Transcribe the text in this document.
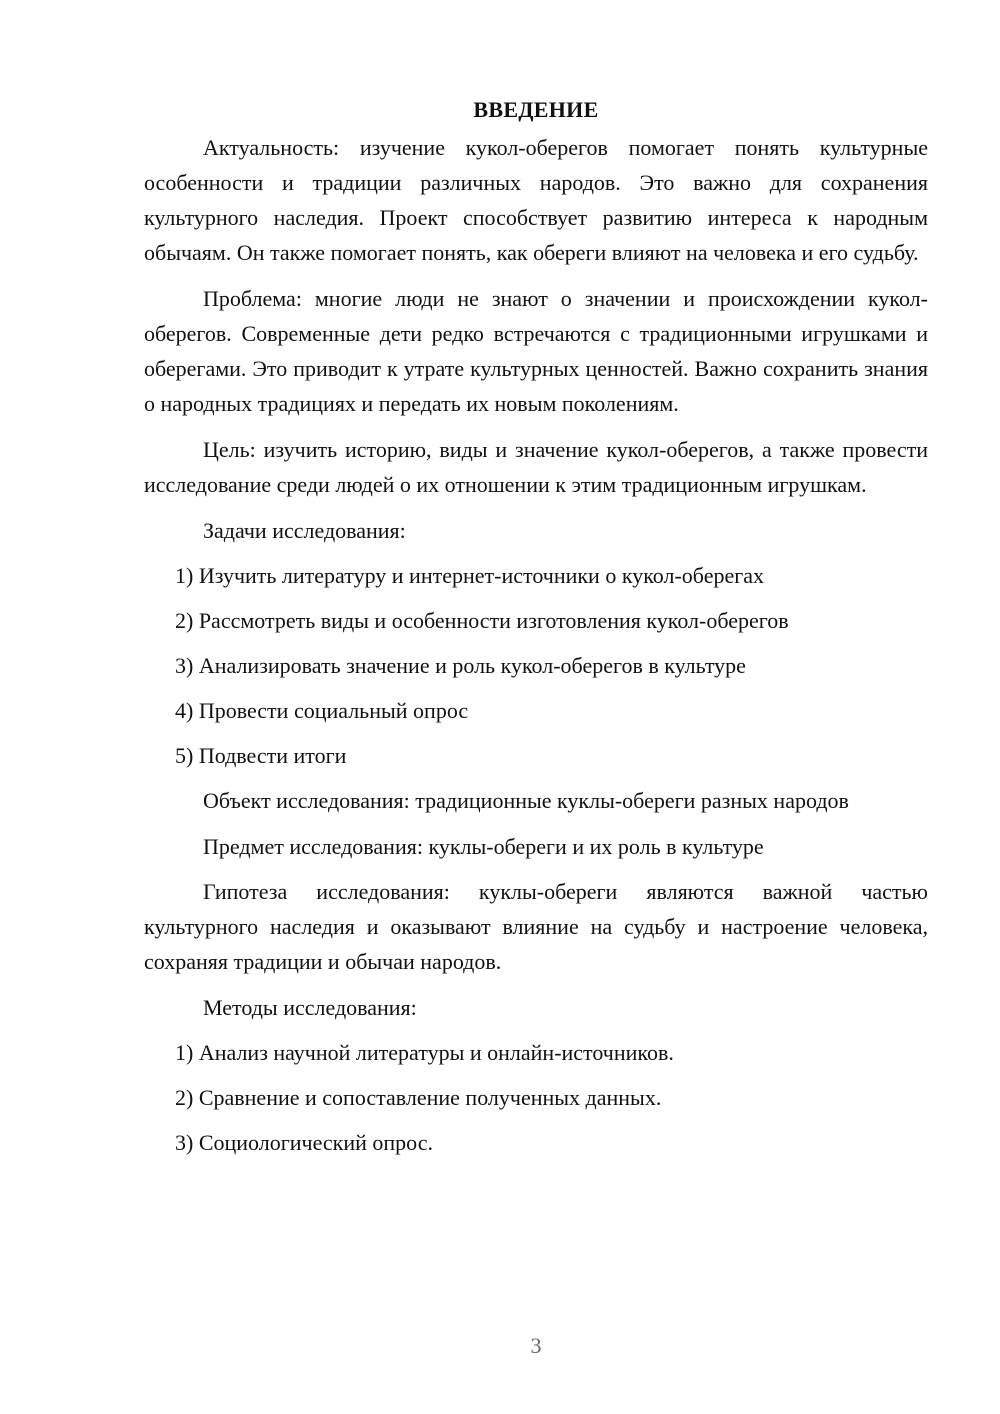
ВВЕДЕНИЕ

Актуальность: изучение кукол-оберегов помогает понять культурные особенности и традиции различных народов. Это важно для сохранения культурного наследия. Проект способствует развитию интереса к народным обычаям. Он также помогает понять, как обереги влияют на человека и его судьбу.

Проблема: многие люди не знают о значении и происхождении кукол-оберегов. Современные дети редко встречаются с традиционными игрушками и оберегами. Это приводит к утрате культурных ценностей. Важно сохранить знания о народных традициях и передать их новым поколениям.

Цель: изучить историю, виды и значение кукол-оберегов, а также провести исследование среди людей о их отношении к этим традиционным игрушкам.

Задачи исследования:

1) Изучить литературу и интернет-источники о кукол-оберегах
2) Рассмотреть виды и особенности изготовления кукол-оберегов
3) Анализировать значение и роль кукол-оберегов в культуре
4) Провести социальный опрос
5) Подвести итоги

Объект исследования: традиционные куклы-обереги разных народов

Предмет исследования: куклы-обереги и их роль в культуре

Гипотеза исследования: куклы-обереги являются важной частью культурного наследия и оказывают влияние на судьбу и настроение человека, сохраняя традиции и обычаи народов.

Методы исследования:

1) Анализ научной литературы и онлайн-источников.
2) Сравнение и сопоставление полученных данных.
3) Социологический опрос.
3
